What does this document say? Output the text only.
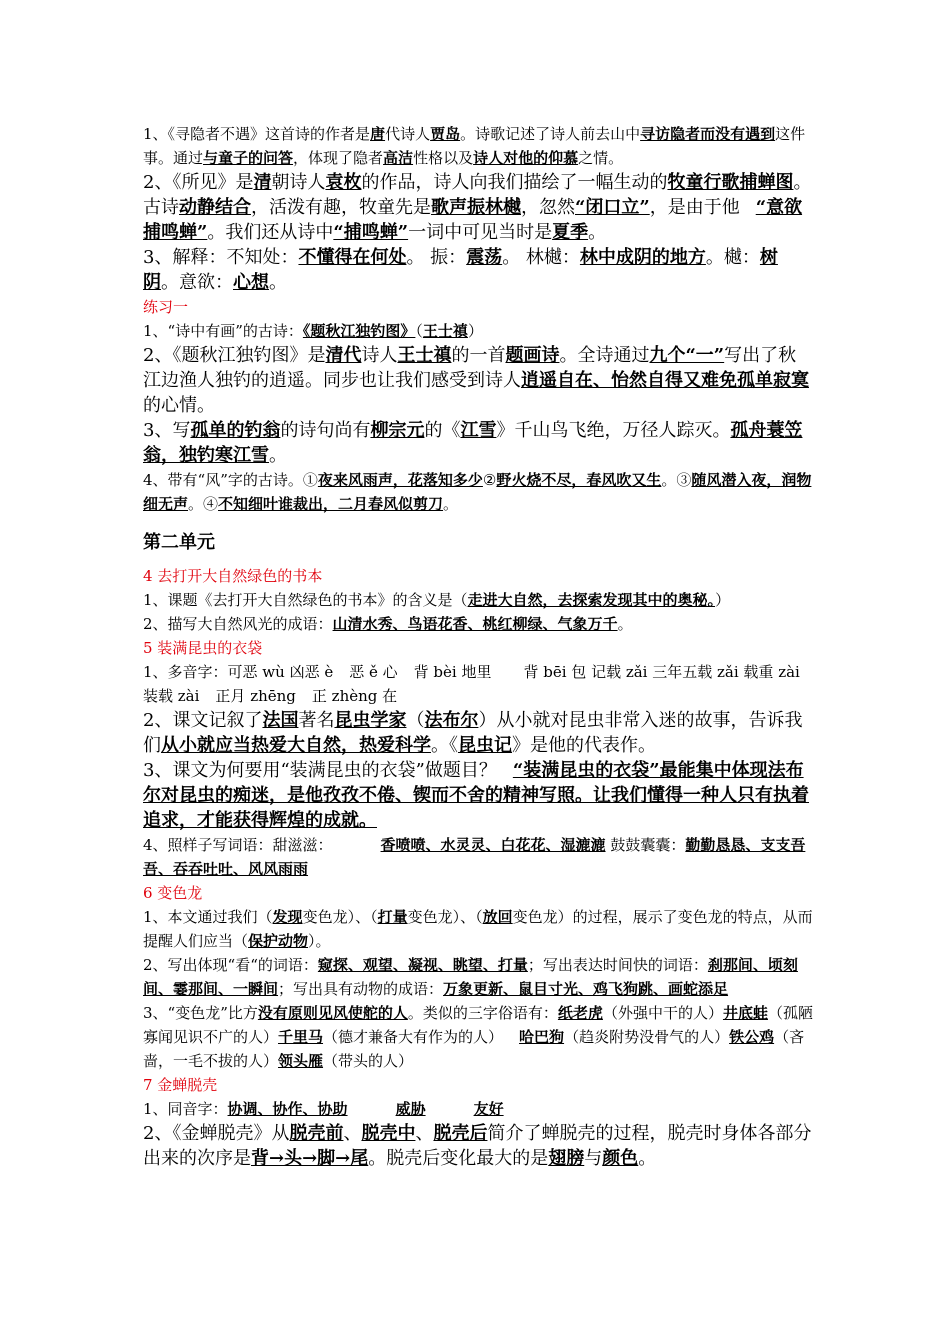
1、《寻隐者不遇》这首诗的作者是唐代诗人贾岛。诗歌记述了诗人前去山中寻访隐者而没有遇到这件事。通过与童子的问答，体现了隐者高洁性格以及诗人对他的仰慕之情。

2、《所见》是清朝诗人袁枚的作品，诗人向我们描绘了一幅生动的牧童行歌捕蝉图。古诗动静结合，活泼有趣，牧童先是歌声振林樾，忽然“闭口立”，是由于他 “意欲捕鸣蝉”。我们还从诗中“捕鸣蝉”一词中可见当时是夏季。

3、解释：不知处：不懂得在何处。 振：震荡。 林樾：林中成阴的地方。樾：树阴。意欲：心想。

练习一

1、“诗中有画”的古诗：《题秋江独钓图》（王士禛）

2、《题秋江独钓图》是清代诗人王士禛的一首题画诗。全诗通过九个“一”写出了秋江边渔人独钓的逍遥。同步也让我们感受到诗人逍遥自在、怡然自得又难免孤单寂寞的心情。

3、写孤单的钓翁的诗句尚有柳宗元的《江雪》千山鸟飞绝，万径人踪灭。孤舟蓑笠翁，独钓寒江雪。

4、带有“风”字的古诗。①夜来风雨声，花落知多少②野火烧不尽，春风吹又生。③随风潜入夜，润物细无声。④不知细叶谁裁出，二月春风似剪刀。

第二单元

4 去打开大自然绿色的书本

1、课题《去打开大自然绿色的书本》的含义是（走进大自然，去探索发现其中的奥秘。）

2、描写大自然风光的成语：山清水秀、鸟语花香、桃红柳绿、气象万千。

5 装满昆虫的衣袋

1、多音字：可恶 wù 凶恶 è 恶 ě 心 背 bèi 地里 背 bēi 包 记载 zǎi 三年五载 zǎi 载重 zài 装载 zài 正月 zhēng 正 zhèng 在

2、课文记叙了法国著名昆虫学家（法布尔）从小就对昆虫非常入迷的故事，告诉我们从小就应当热爱大自然，热爱科学。《昆虫记》是他的代表作。

3、课文为何要用“装满昆虫的衣袋”做题目？ “装满昆虫的衣袋”最能集中体现法布尔对昆虫的痴迷，是他孜孜不倦、锲而不舍的精神写照。让我们懂得一种人只有执着追求，才能获得辉煌的成就。

4、照样子写词语：甜滋滋：	香喷喷、水灵灵、白花花、湿漉漉 鼓鼓囊囊：勤勤恳恳、支支吾吾、吞吞吐吐、风风雨雨

6 变色龙

1、本文通过我们（发现变色龙）、（打量变色龙）、（放回变色龙）的过程，展示了变色龙的特点，从而提醒人们应当（保护动物）。

2、写出体现“看“的词语：窥探、观望、凝视、眺望、打量；写出表达时间快的词语：刹那间、顷刻间、霎那间、一瞬间；写出具有动物的成语：万象更新、鼠目寸光、鸡飞狗跳、画蛇添足

3、“变色龙”比方没有原则见风使舵的人。类似的三字俗语有：纸老虎（外强中干的人）井底蛙（孤陋寡闻见识不广的人）千里马（德才兼备大有作为的人） 哈巴狗（趋炎附势没骨气的人）铁公鸡（吝啬，一毛不拔的人）领头雁（带头的人）

7 金蝉脱壳

1、同音字：协调、协作、协助	威胁	友好

2、《金蝉脱壳》从脱壳前、脱壳中、脱壳后简介了蝉脱壳的过程，脱壳时身体各部分出来的次序是背→头→脚→尾。脱壳后变化最大的是翅膀与颜色。
